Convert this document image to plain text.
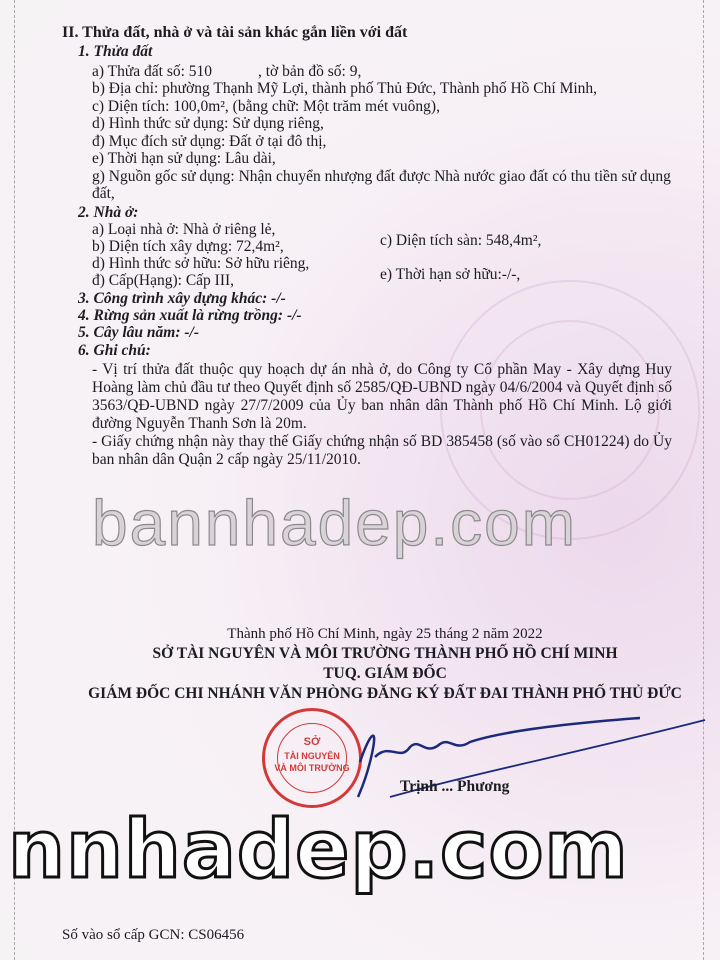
II. Thửa đất, nhà ở và tài sản khác gắn liền với đất
1. Thửa đất
a) Thửa đất số: 510	, tờ bản đồ số: 9,
b) Địa chỉ: phường Thạnh Mỹ Lợi, thành phố Thủ Đức, Thành phố Hồ Chí Minh,
c) Diện tích: 100,0m², (bằng chữ: Một trăm mét vuông),
d) Hình thức sử dụng: Sử dụng riêng,
đ) Mục đích sử dụng: Đất ở tại đô thị,
e) Thời hạn sử dụng: Lâu dài,
g) Nguồn gốc sử dụng: Nhận chuyển nhượng đất được Nhà nước giao đất có thu tiền sử dụng
đất,
2. Nhà ở:
a) Loại nhà ở: Nhà ở riêng lẻ,
b) Diện tích xây dựng: 72,4m²,	c) Diện tích sàn: 548,4m²,
d) Hình thức sở hữu: Sở hữu riêng,
đ) Cấp(Hạng): Cấp III,	e) Thời hạn sở hữu:-/-,
3. Công trình xây dựng khác: -/-
4. Rừng sản xuất là rừng trồng: -/-
5. Cây lâu năm: -/-
6. Ghi chú:
- Vị trí thửa đất thuộc quy hoạch dự án nhà ở, do Công ty Cổ phần May - Xây dựng Huy Hoàng làm chủ đầu tư theo Quyết định số 2585/QĐ-UBND ngày 04/6/2004 và Quyết định số 3563/QĐ-UBND ngày 27/7/2009 của Ủy ban nhân dân Thành phố Hồ Chí Minh. Lộ giới đường Nguyễn Thanh Sơn là 20m.
- Giấy chứng nhận này thay thế Giấy chứng nhận số BD 385458 (số vào sổ CH01224) do Ủy ban nhân dân Quận 2 cấp ngày 25/11/2010.
bannhadep.com
Thành phố Hồ Chí Minh, ngày 25 tháng 2 năm 2022
SỞ TÀI NGUYÊN VÀ MÔI TRƯỜNG THÀNH PHỐ HỒ CHÍ MINH
TUQ. GIÁM ĐỐC
GIÁM ĐỐC CHI NHÁNH VĂN PHÒNG ĐĂNG KÝ ĐẤT ĐAI THÀNH PHỐ THỦ ĐỨC
SỞ
TÀI NGUYÊN
VÀ MÔI TRƯỜNG
Trịnh ... Phương
nnhadep.com
Số vào sổ cấp GCN: CS06456
